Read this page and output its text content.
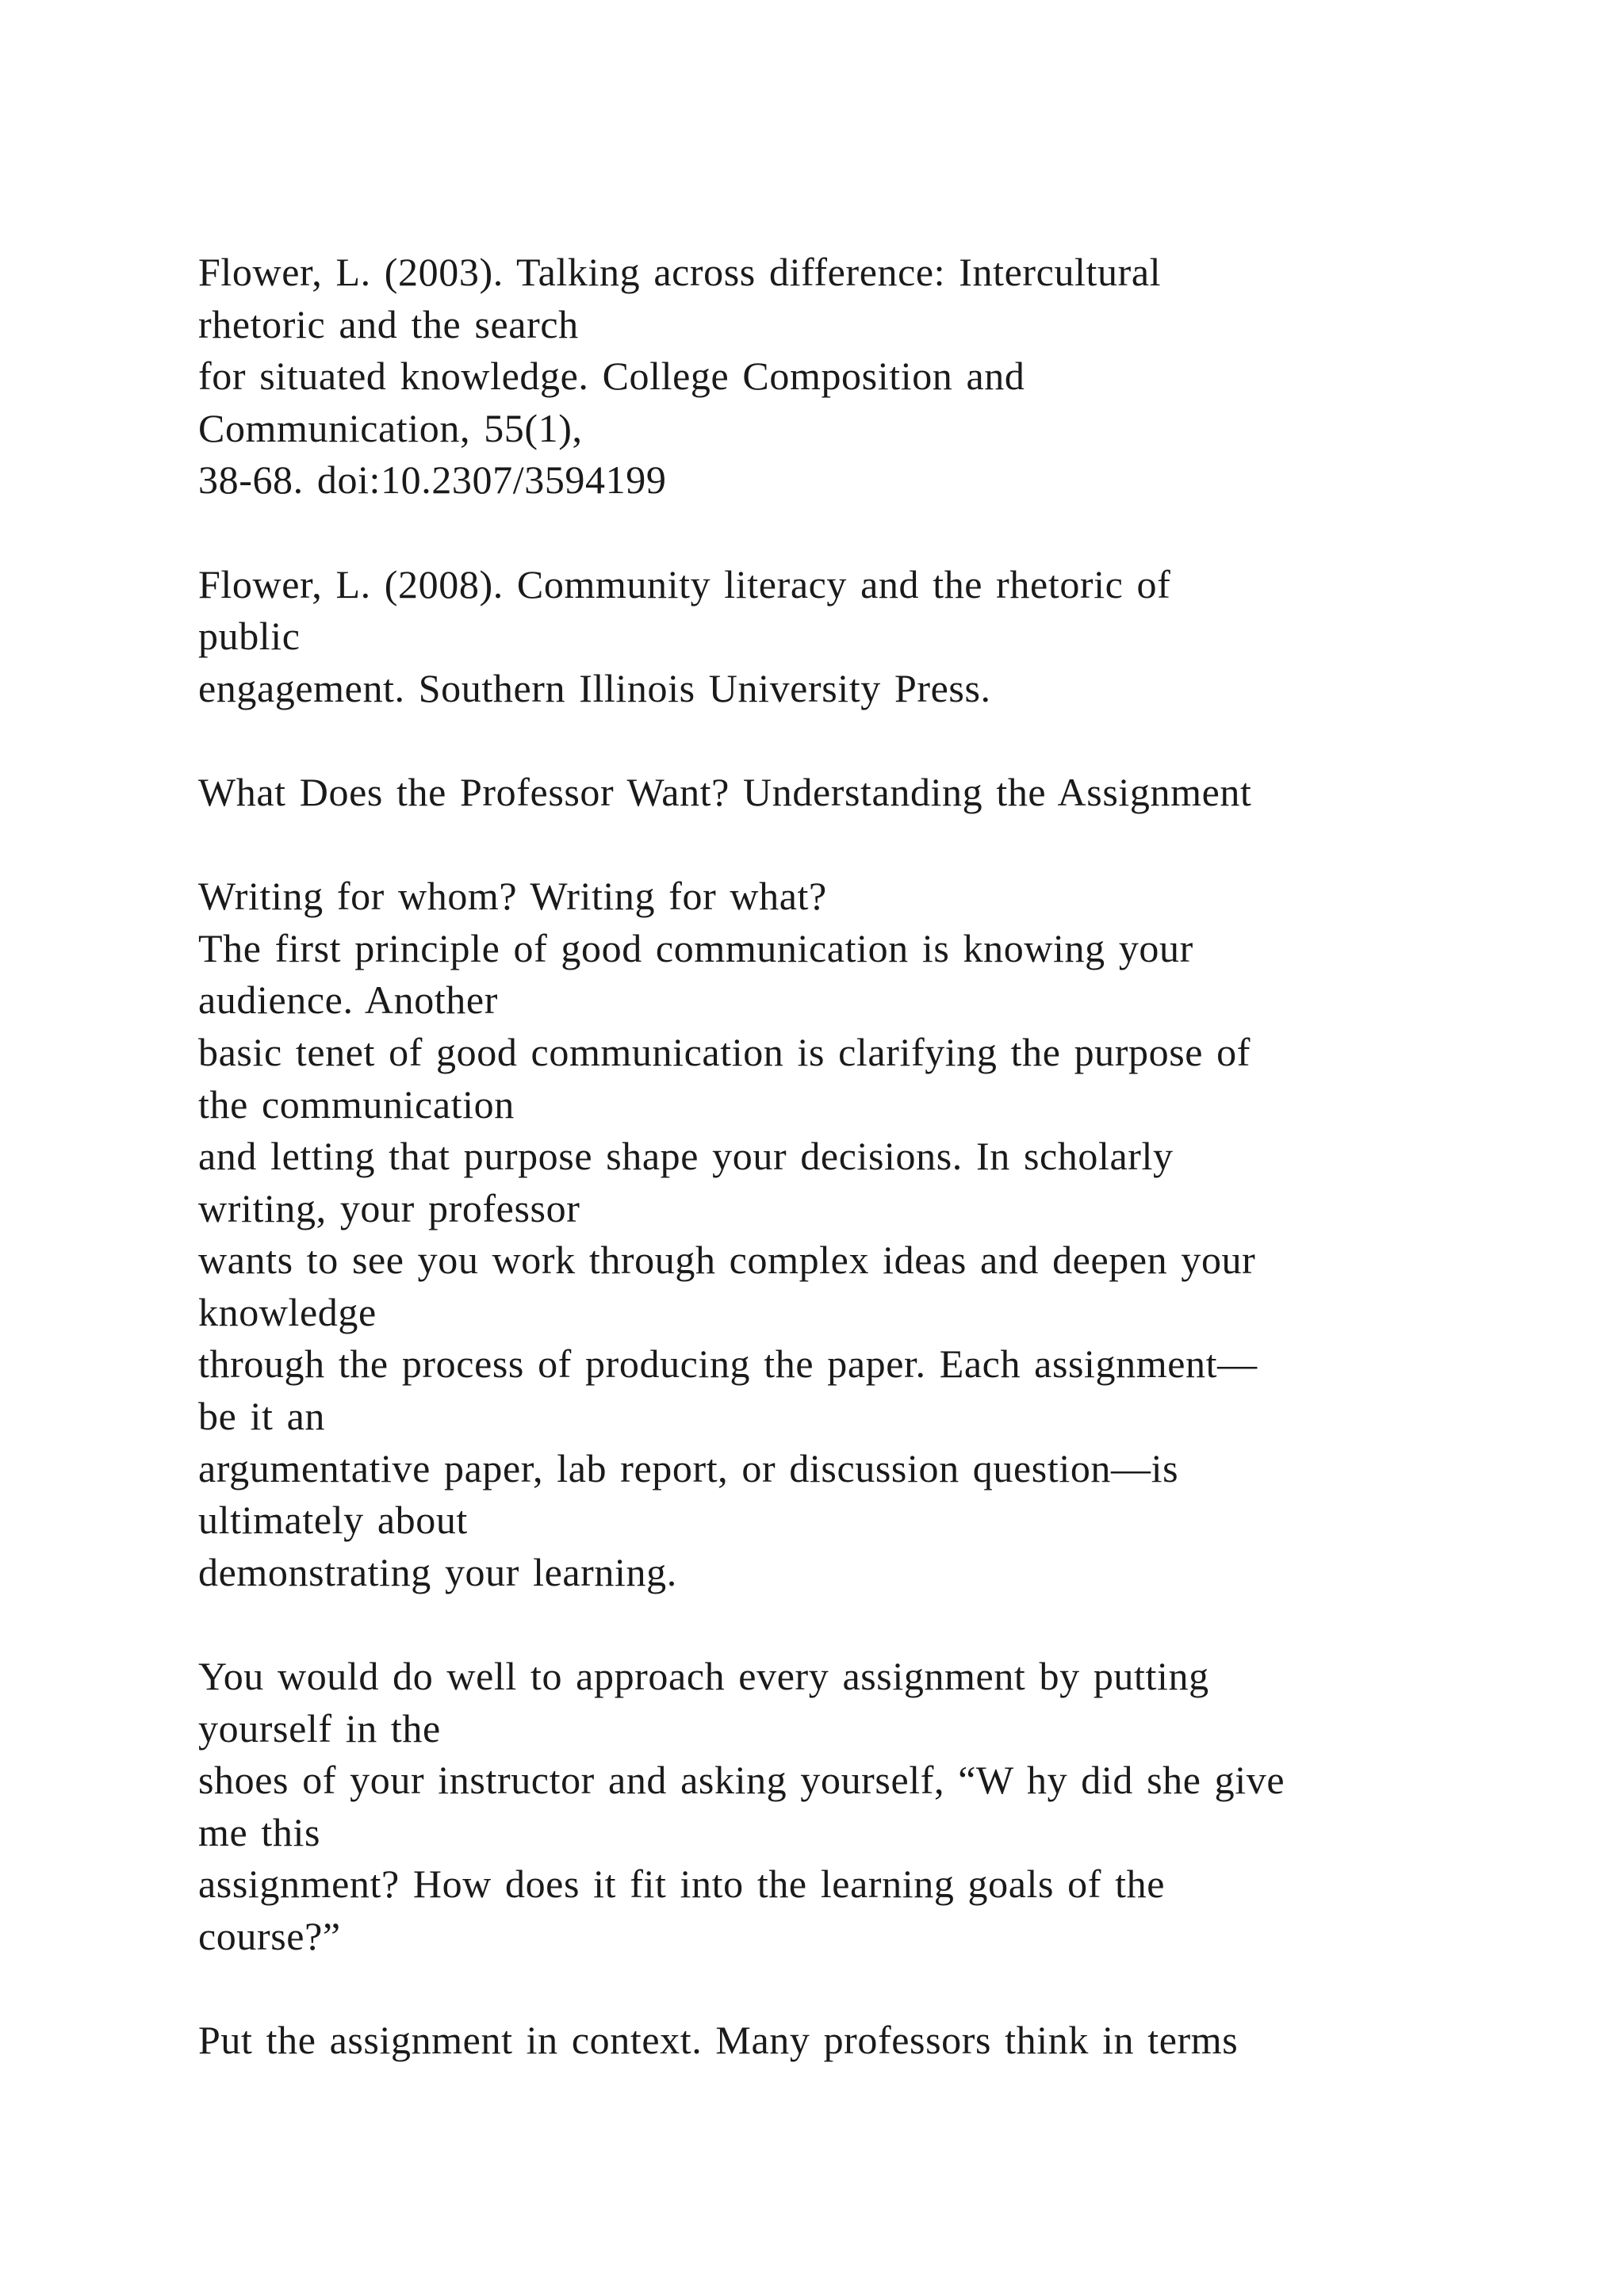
Flower, L. (2003). Talking across difference: Intercultural
rhetoric and the search
for situated knowledge. College Composition and
Communication, 55(1),
38-68. doi:10.2307/3594199
Flower, L. (2008). Community literacy and the rhetoric of
public
engagement. Southern Illinois University Press.
What Does the Professor Want? Understanding the Assignment
Writing for whom? Writing for what?
The first principle of good communication is knowing your
audience. Another
basic tenet of good communication is clarifying the purpose of
the communication
and letting that purpose shape your decisions. In scholarly
writing, your professor
wants to see you work through complex ideas and deepen your
knowledge
through the process of producing the paper. Each assignment—
be it an
argumentative paper, lab report, or discussion question—is
ultimately about
demonstrating your learning.
You would do well to approach every assignment by putting
yourself in the
shoes of your instructor and asking yourself, “W hy did she give
me this
assignment? How does it fit into the learning goals of the
course?”
Put the assignment in context. Many professors think in terms
